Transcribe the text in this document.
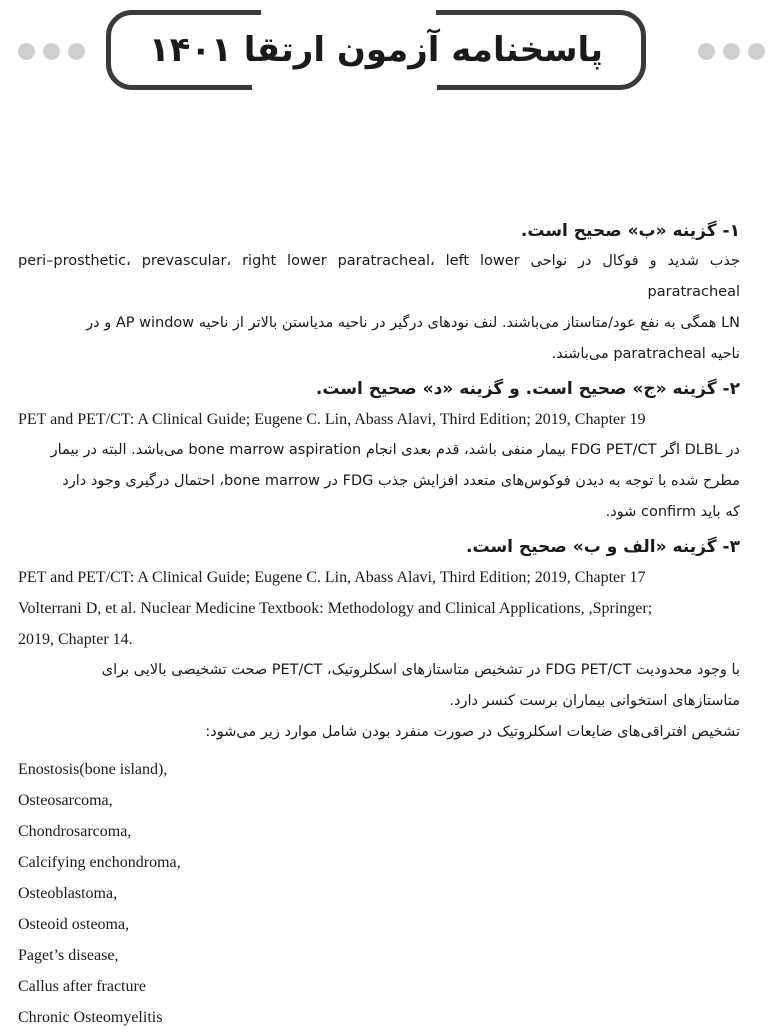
پاسخنامه آزمون ارتقا ۱۴۰۱

۱- گزینه «ب» صحیح است.

جذب شدید و فوکال در نواحی peri–prosthetic، prevascular، right lower paratracheal، left lower paratracheal

LN همگی به نفع عود/متاستاز می‌باشند. لنف نودهای درگیر در ناحیه مدیاستن بالاتر از ناحیه AP window و در

ناحیه paratracheal می‌باشند.

۲- گزینه «ج» صحیح است. و گزینه «د» صحیح است.

PET and PET/CT: A Clinical Guide; Eugene C. Lin, Abass Alavi, Third Edition; 2019, Chapter 19

در DLBL اگر FDG PET/CT بیمار منفی باشد، قدم بعدی انجام bone marrow aspiration می‌باشد. البته در بیمار

مطرح شده با توجه به دیدن فوکوس‌های متعدد افزایش جذب FDG در bone marrow، احتمال درگیری وجود دارد

که باید confirm شود.

۳- گزینه «الف و ب» صحیح است.

PET and PET/CT: A Clinical Guide; Eugene C. Lin, Abass Alavi, Third Edition; 2019, Chapter 17

Volterrani D, et al. Nuclear Medicine Textbook: Methodology and Clinical Applications, ,Springer;

2019, Chapter 14.

با وجود محدودیت FDG PET/CT در تشخیص متاستازهای اسکلروتیک، PET/CT صحت تشخیصی بالایی برای

متاستازهای استخوانی بیماران برست کنسر دارد.

تشخیص افتراقی‌های ضایعات اسکلروتیک در صورت منفرد بودن شامل موارد زیر می‌شود:

Enostosis(bone island),
Osteosarcoma,
Chondrosarcoma,
Calcifying enchondroma,
Osteoblastoma,
Osteoid osteoma,
Paget’s disease,
Callus after fracture
Chronic Osteomyelitis
